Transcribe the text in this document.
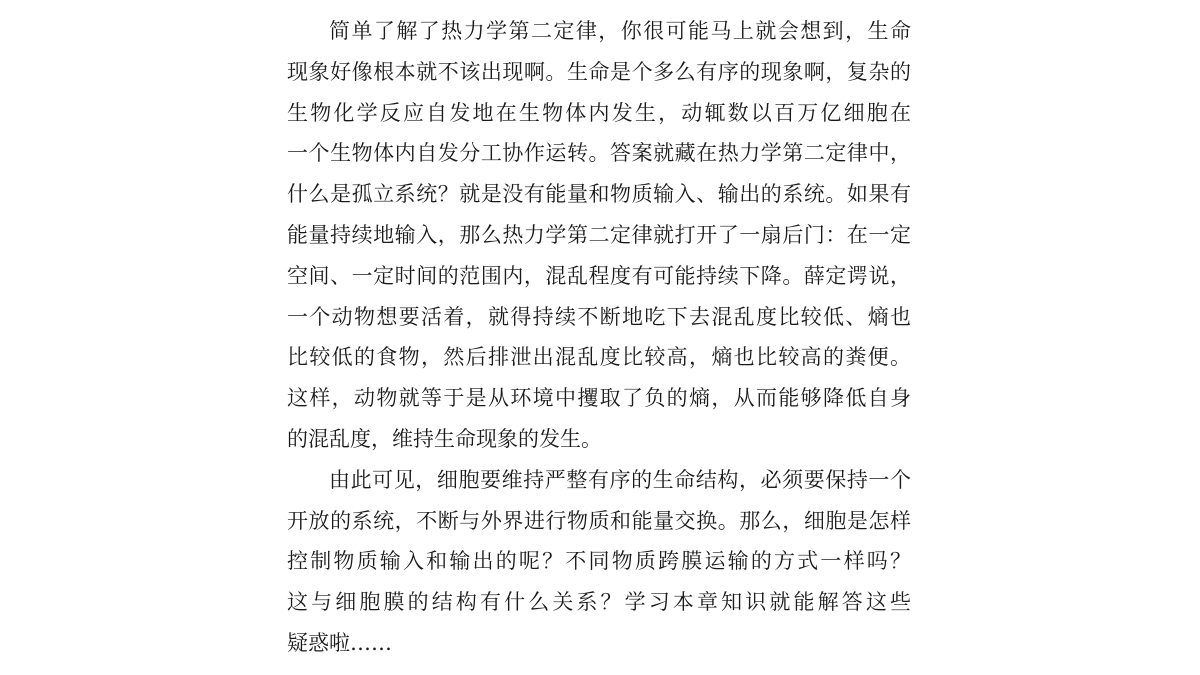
简单了解了热力学第二定律，你很可能马上就会想到，生命
现象好像根本就不该出现啊。生命是个多么有序的现象啊，复杂的
生物化学反应自发地在生物体内发生，动辄数以百万亿细胞在
一个生物体内自发分工协作运转。答案就藏在热力学第二定律中，
什么是孤立系统？就是没有能量和物质输入、输出的系统。如果有
能量持续地输入，那么热力学第二定律就打开了一扇后门：在一定
空间、一定时间的范围内，混乱程度有可能持续下降。薛定谔说，
一个动物想要活着，就得持续不断地吃下去混乱度比较低、熵也
比较低的食物，然后排泄出混乱度比较高，熵也比较高的粪便。
这样，动物就等于是从环境中攫取了负的熵，从而能够降低自身
的混乱度，维持生命现象的发生。
由此可见，细胞要维持严整有序的生命结构，必须要保持一个
开放的系统，不断与外界进行物质和能量交换。那么，细胞是怎样
控制物质输入和输出的呢？不同物质跨膜运输的方式一样吗？
这与细胞膜的结构有什么关系？学习本章知识就能解答这些
疑惑啦……
